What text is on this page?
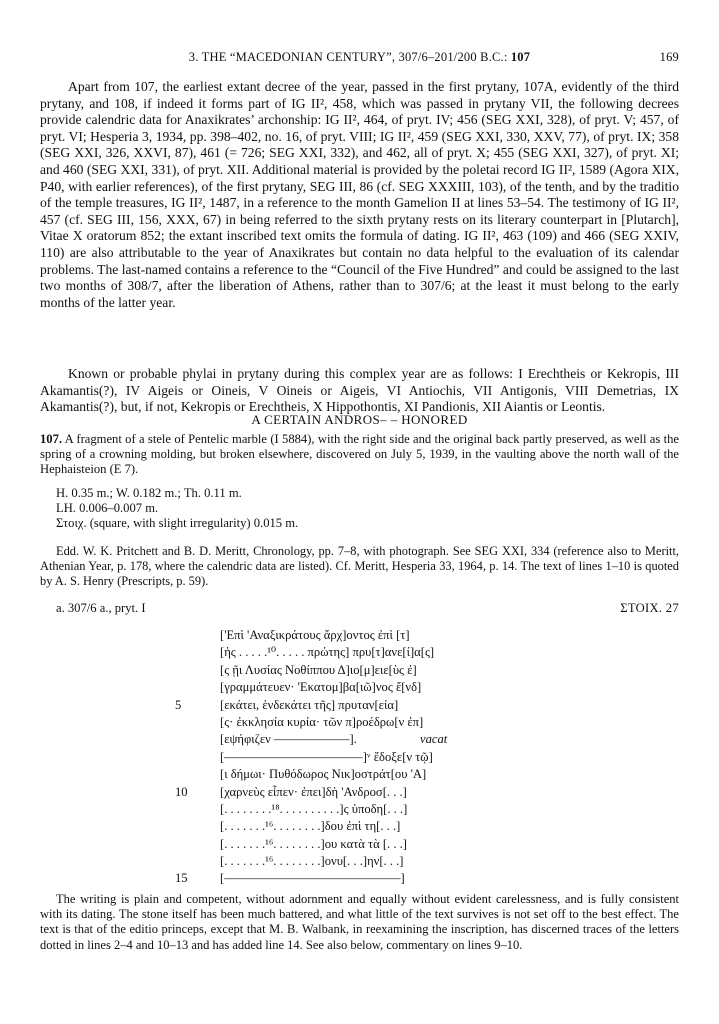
3. THE “MACEDONIAN CENTURY”, 307/6–201/200 B.C.: 107	169

Apart from 107, the earliest extant decree of the year, passed in the first prytany, 107A, evidently of the third prytany, and 108, if indeed it forms part of IG II², 458, which was passed in prytany VII, the following decrees provide calendric data for Anaxikrates’ archonship: IG II², 464, of pryt. IV; 456 (SEG XXI, 328), of pryt. V; 457, of pryt. VI; Hesperia 3, 1934, pp. 398–402, no. 16, of pryt. VIII; IG II², 459 (SEG XXI, 330, XXV, 77), of pryt. IX; 358 (SEG XXI, 326, XXVI, 87), 461 (= 726; SEG XXI, 332), and 462, all of pryt. X; 455 (SEG XXI, 327), of pryt. XI; and 460 (SEG XXI, 331), of pryt. XII. Additional material is provided by the poletai record IG II², 1589 (Agora XIX, P40, with earlier references), of the first prytany, SEG III, 86 (cf. SEG XXXIII, 103), of the tenth, and by the traditio of the temple treasures, IG II², 1487, in a reference to the month Gamelion II at lines 53–54. The testimony of IG II², 457 (cf. SEG III, 156, XXX, 67) in being referred to the sixth prytany rests on its literary counterpart in [Plutarch], Vitae X oratorum 852; the extant inscribed text omits the formula of dating. IG II², 463 (109) and 466 (SEG XXIV, 110) are also attributable to the year of Anaxikrates but contain no data helpful to the evaluation of its calendar problems. The last-named contains a reference to the “Council of the Five Hundred” and could be assigned to the last two months of 308/7, after the liberation of Athens, rather than to 307/6; at the least it must belong to the early months of the latter year.

Known or probable phylai in prytany during this complex year are as follows: I Erechtheis or Kekropis, III Akamantis(?), IV Aigeis or Oineis, V Oineis or Aigeis, VI Antiochis, VII Antigonis, VIII Demetrias, IX Akamantis(?), but, if not, Kekropis or Erechtheis, X Hippothontis, XI Pandionis, XII Aiantis or Leontis.

A CERTAIN ANDROS– – HONORED
107. A fragment of a stele of Pentelic marble (I 5884), with the right side and the original back partly preserved, as well as the spring of a crowning molding, but broken elsewhere, discovered on July 5, 1939, in the vaulting above the north wall of the Hephaisteion (E 7).
H. 0.35 m.; W. 0.182 m.; Th. 0.11 m.
LH. 0.006–0.007 m.
Στοιχ. (square, with slight irregularity) 0.015 m.

Edd. W. K. Pritchett and B. D. Meritt, Chronology, pp. 7–8, with photograph. See SEG XXI, 334 (reference also to Meritt, Athenian Year, p. 178, where the calendric data are listed). Cf. Meritt, Hesperia 33, 1964, p. 14. The text of lines 1–10 is quoted by A. S. Henry (Prescripts, p. 59).

a. 307/6 a., pryt. I	ΣΤΟΙΧ. 27
['Επὶ 'Αναξικράτους ἄρχ]οντος ἐπὶ [τ]
[ἡς . . . . .¹⁰. . . . . πρώτης] πρυ[τ]ανε[ί]α[ς]
[ς ῇι Λυσίας Νοθίππου Δ]ιο[μ]ειε[ὺς ἐ]
[γραμμάτευεν· 'Εκατομ]βα[ιῶ]νος ἔ[νδ]
5	[εκάτει, ἑνδεκάτει τῆς] πρυταν[εία]
[ς· ἐκκλησία κυρία· τῶν π]ροέδρω[ν ἐπ]
[εψήφιζεν ––––––––––––].	vacat
[––––––––––––––––––––––]ᵛ ἔδοξε[ν τῷ]
[ι δήμωι· Πυθόδωρος Νικ]οστράτ[ου 'Α]
10	[χαρνεὺς εἶπεν· ἐπει]δὴ 'Ανδροσ[. . .]
[. . . . . . . .¹⁸. . . . . . . . . .]ς ὑποδη[. . .]
[. . . . . . .¹⁶. . . . . . . .]δου ἐπὶ τη[. . .]
[. . . . . . .¹⁶. . . . . . . .]ου κατὰ τὰ [. . .]
[. . . . . . .¹⁶. . . . . . . .]ονυ[. . .]ην[. . .]
15	[––––––––––––––––––––––––––––]

The writing is plain and competent, without adornment and equally without evident carelessness, and is fully consistent with its dating. The stone itself has been much battered, and what little of the text survives is not set off to the best effect. The text is that of the editio princeps, except that M. B. Walbank, in reexamining the inscription, has discerned traces of the letters dotted in lines 2–4 and 10–13 and has added line 14. See also below, commentary on lines 9–10.
